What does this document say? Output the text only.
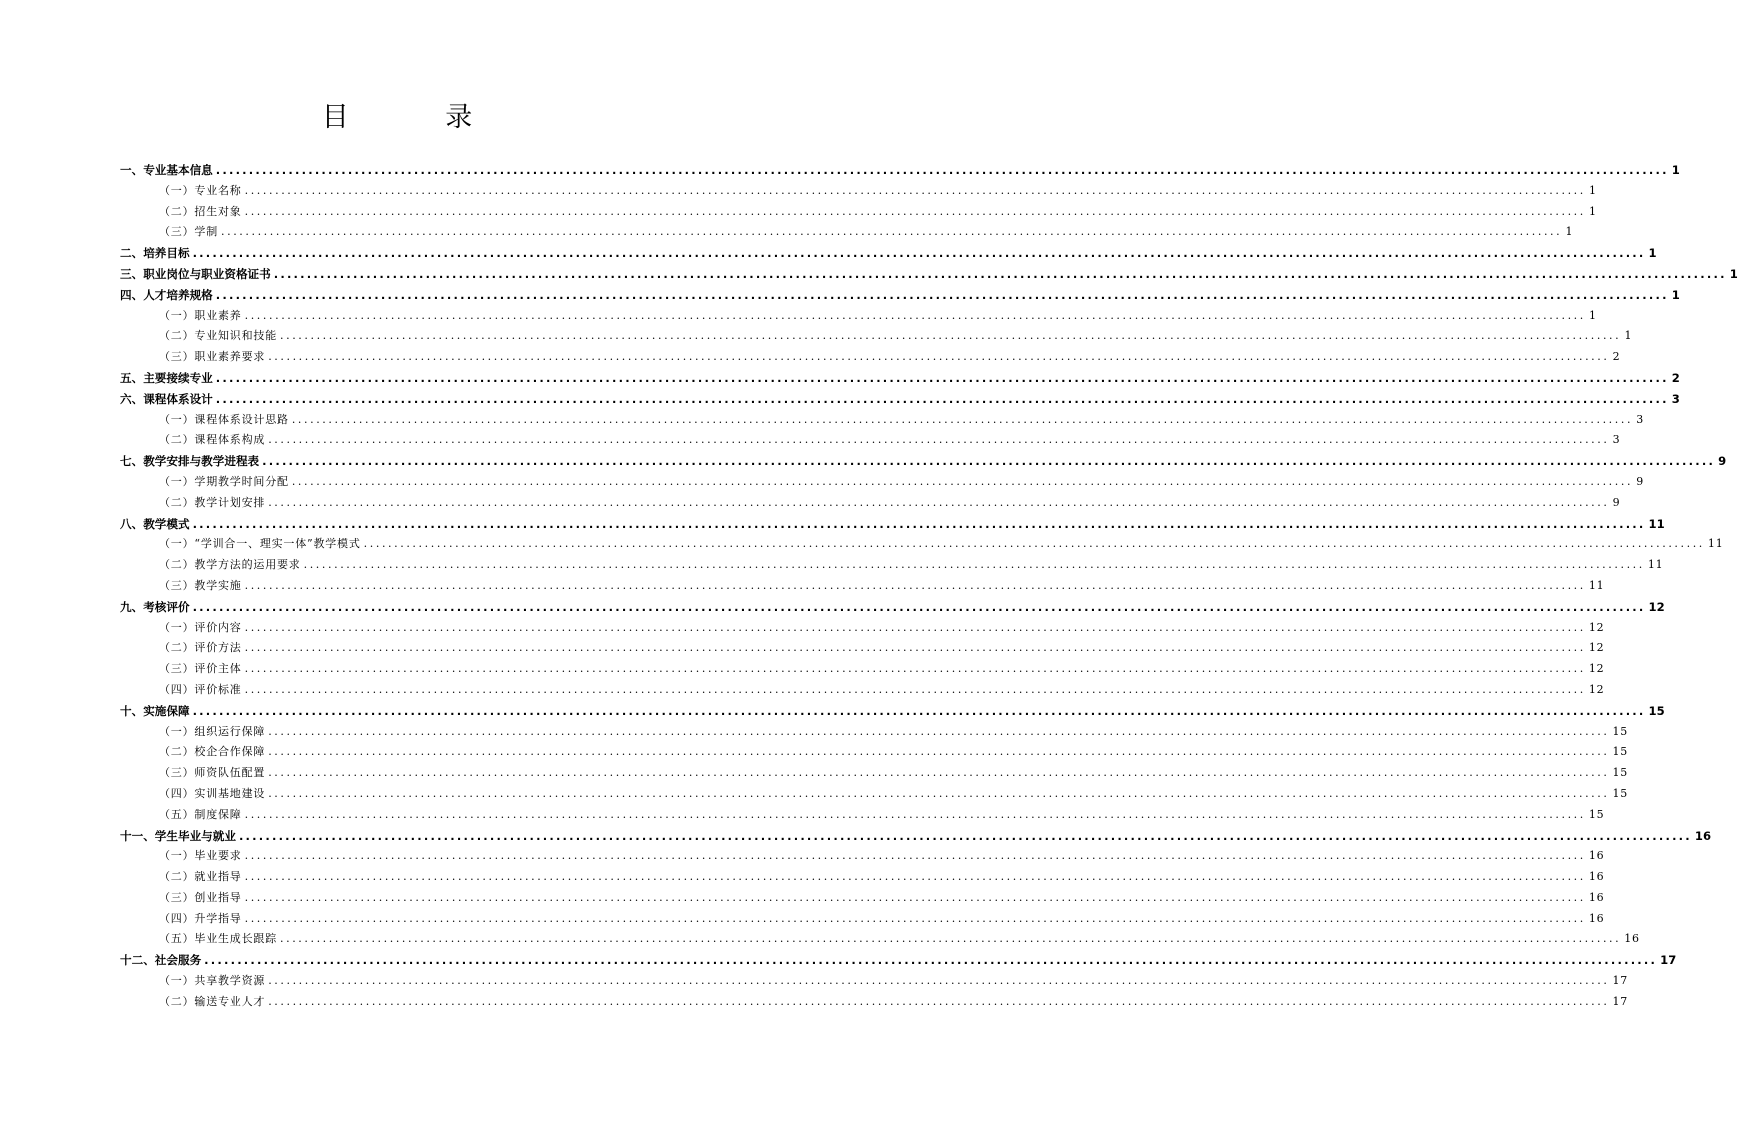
目 录
一、专业基本信息 ............................................................................................................................................................................................................................ 1
（一）专业名称 ............................................................................................................................................................................................................................ 1
（二）招生对象 ............................................................................................................................................................................................................................ 1
（三）学制 ............................................................................................................................................................................................................................ 1
二、培养目标 ............................................................................................................................................................................................................................ 1
三、职业岗位与职业资格证书 ............................................................................................................................................................................................................................ 1
四、人才培养规格 ............................................................................................................................................................................................................................ 1
（一）职业素养 ............................................................................................................................................................................................................................ 1
（二）专业知识和技能 ............................................................................................................................................................................................................................ 1
（三）职业素养要求 ............................................................................................................................................................................................................................ 2
五、主要接续专业 ............................................................................................................................................................................................................................ 2
六、课程体系设计 ............................................................................................................................................................................................................................ 3
（一）课程体系设计思路 ............................................................................................................................................................................................................................ 3
（二）课程体系构成 ............................................................................................................................................................................................................................ 3
七、教学安排与教学进程表 ............................................................................................................................................................................................................................ 9
（一）学期教学时间分配 ............................................................................................................................................................................................................................ 9
（二）教学计划安排 ............................................................................................................................................................................................................................ 9
八、教学模式 ............................................................................................................................................................................................................................ 11
（一）“学训合一、理实一体”教学模式 ............................................................................................................................................................................................................................ 11
（二）教学方法的运用要求 ............................................................................................................................................................................................................................ 11
（三）教学实施 ............................................................................................................................................................................................................................ 11
九、考核评价 ............................................................................................................................................................................................................................ 12
（一）评价内容 ............................................................................................................................................................................................................................ 12
（二）评价方法 ............................................................................................................................................................................................................................ 12
（三）评价主体 ............................................................................................................................................................................................................................ 12
（四）评价标准 ............................................................................................................................................................................................................................ 12
十、实施保障 ............................................................................................................................................................................................................................ 15
（一）组织运行保障 ............................................................................................................................................................................................................................ 15
（二）校企合作保障 ............................................................................................................................................................................................................................ 15
（三）师资队伍配置 ............................................................................................................................................................................................................................ 15
（四）实训基地建设 ............................................................................................................................................................................................................................ 15
（五）制度保障 ............................................................................................................................................................................................................................ 15
十一、学生毕业与就业 ............................................................................................................................................................................................................................ 16
（一）毕业要求 ............................................................................................................................................................................................................................ 16
（二）就业指导 ............................................................................................................................................................................................................................ 16
（三）创业指导 ............................................................................................................................................................................................................................ 16
（四）升学指导 ............................................................................................................................................................................................................................ 16
（五）毕业生成长跟踪 ............................................................................................................................................................................................................................ 16
十二、社会服务 ............................................................................................................................................................................................................................ 17
（一）共享教学资源 ............................................................................................................................................................................................................................ 17
（二）输送专业人才 ............................................................................................................................................................................................................................ 17
